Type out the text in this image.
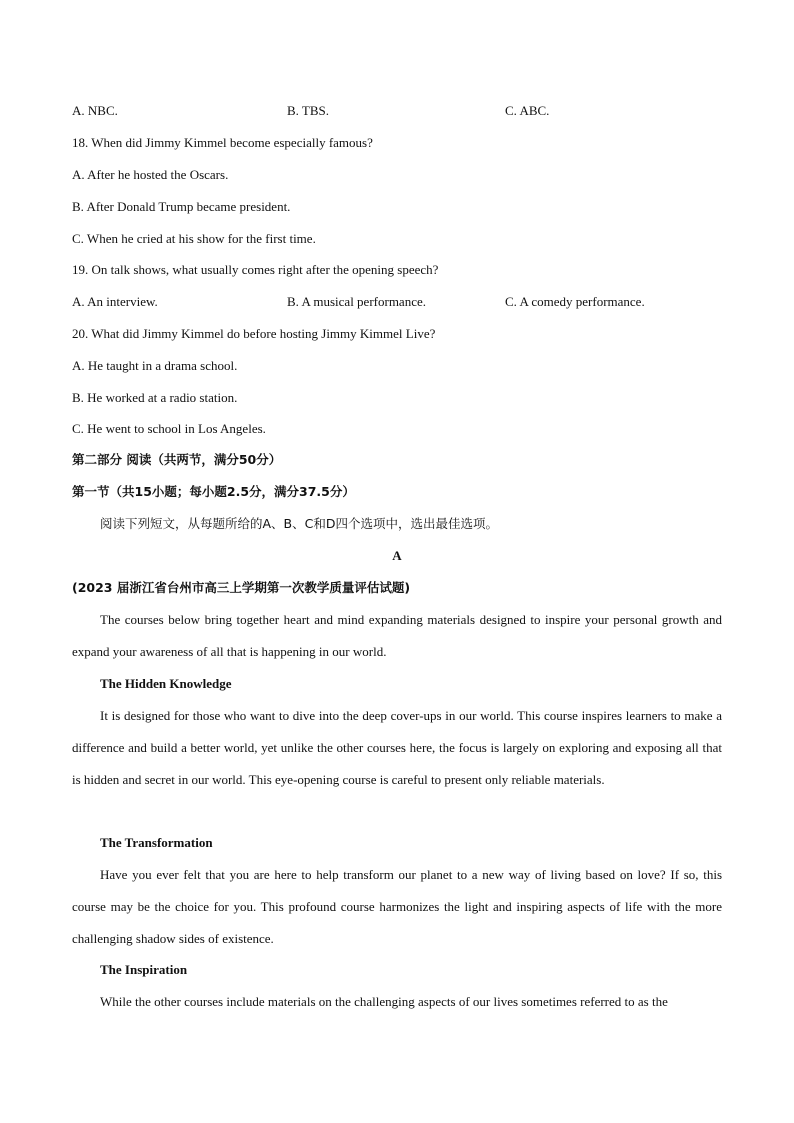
A. NBC.	B. TBS.	C. ABC.
18. When did Jimmy Kimmel become especially famous?
A. After he hosted the Oscars.
B. After Donald Trump became president.
C. When he cried at his show for the first time.
19. On talk shows, what usually comes right after the opening speech?
A. An interview.	B. A musical performance.	C. A comedy performance.
20. What did Jimmy Kimmel do before hosting Jimmy Kimmel Live?
A. He taught in a drama school.
B. He worked at a radio station.
C. He went to school in Los Angeles.
第二部分 阅读（共两节，满分50分）
第一节（共15小题；每小题2.5分，满分37.5分）
阅读下列短文，从每题所给的A、B、C和D四个选项中，选出最佳选项。
A
(2023 届浙江省台州市高三上学期第一次教学质量评估试题)
The courses below bring together heart and mind expanding materials designed to inspire your personal growth and expand your awareness of all that is happening in our world.
The Hidden Knowledge
It is designed for those who want to dive into the deep cover-ups in our world. This course inspires learners to make a difference and build a better world, yet unlike the other courses here, the focus is largely on exploring and exposing all that is hidden and secret in our world. This eye-opening course is careful to present only reliable materials.
The Transformation
Have you ever felt that you are here to help transform our planet to a new way of living based on love? If so, this course may be the choice for you. This profound course harmonizes the light and inspiring aspects of life with the more challenging shadow sides of existence.
The Inspiration
While the other courses include materials on the challenging aspects of our lives sometimes referred to as the
